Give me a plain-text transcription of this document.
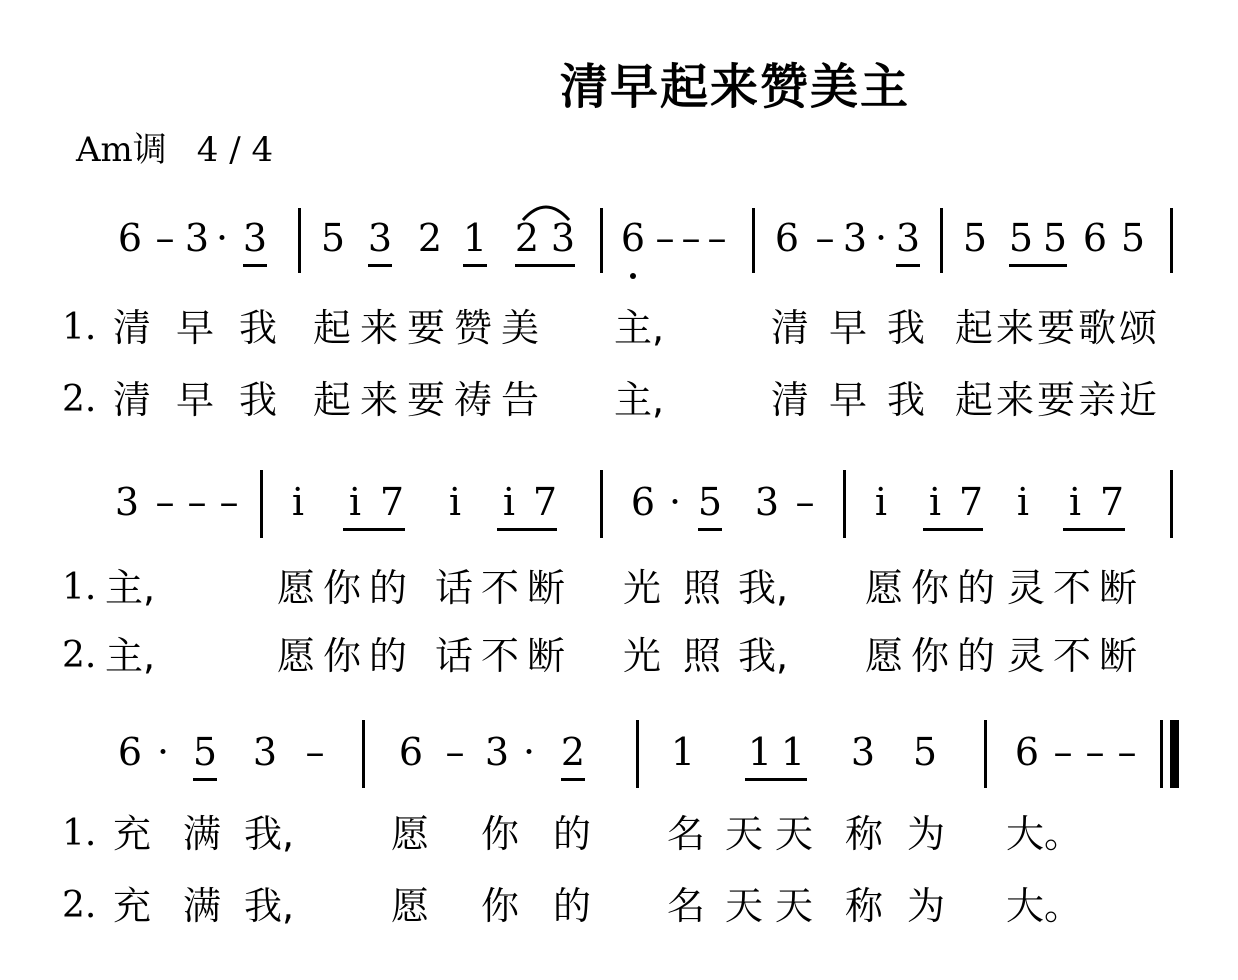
清早起来赞美主
Am调 4 / 4
6 – 3 · 3 5 3 2 1 2 3 6 – – – 6 – 3 · 3 5 5 5 6 5
1. 清 早 我 起 来 要 赞 美 主,	清 早 我 起 来 要 歌 颂
2. 清 早 我 起 来 要 祷 告 主,	清 早 我 起 来 要 亲 近
3 – – – i i 7 i i 7 6 · 5 3 – i i 7 i i 7
1. 主,	愿 你 的 话 不 断 光 照 我, 愿 你 的 灵 不 断
2. 主,	愿 你 的 话 不 断 光 照 我, 愿 你 的 灵 不 断
6 · 5 3 – 6 – 3 · 2 1 1 1 3 5 6 – – –
1. 充 满 我,	愿 你 的 名 天 天 称 为 大。
2. 充 满 我,	愿 你 的 名 天 天 称 为 大。
